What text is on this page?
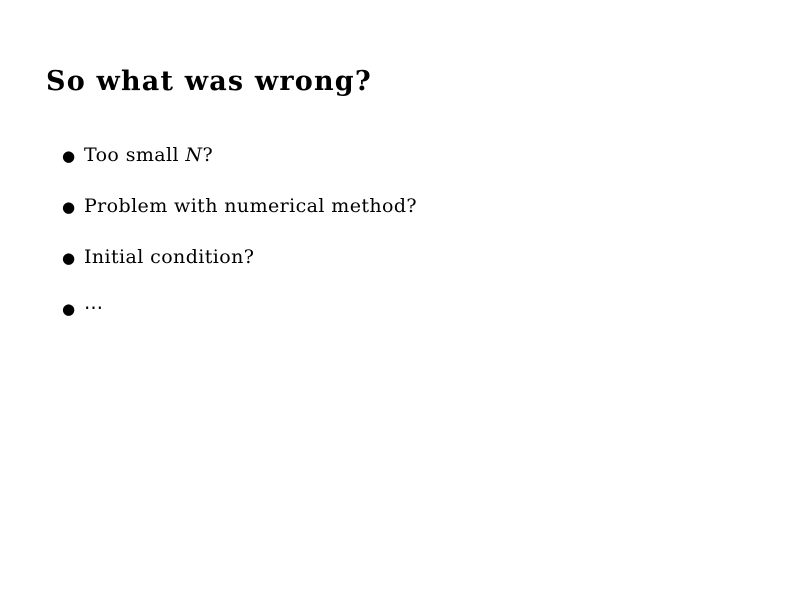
So what was wrong?
● Too small N?
● Problem with numerical method?
● Initial condition?
● ⋯
